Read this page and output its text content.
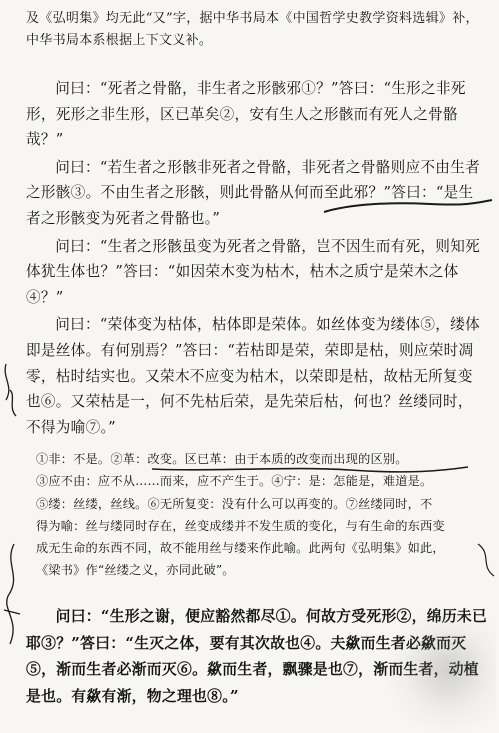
及《弘明集》均无此“又”字，据中华书局本《中国哲学史教学资料选辑》补，

中华书局本系根据上下文义补。

问曰：“死者之骨骼，非生者之形骸邪①？”答曰：“生形之非死形，死形之非生形，区已革矣②，安有生人之形骸而有死人之骨骼哉？”

问曰：“若生者之形骸非死者之骨骼，非死者之骨骼则应不由生者之形骸③。不由生者之形骸，则此骨骼从何而至此邪？”答曰：“是生者之形骸变为死者之骨骼也。”

问曰：“生者之形骸虽变为死者之骨骼，岂不因生而有死，则知死体犹生体也？”答曰：“如因荣木变为枯木，枯木之质宁是荣木之体④？”

问曰：“荣体变为枯体，枯体即是荣体。如丝体变为缕体⑤，缕体即是丝体。有何别焉？”答曰：“若枯即是荣，荣即是枯，则应荣时凋零，枯时结实也。又荣木不应变为枯木，以荣即是枯，故枯无所复变也⑥。又荣枯是一，何不先枯后荣，是先荣后枯，何也？丝缕同时，不得为喻⑦。”

①非：不是。②革：改变。区已革：由于本质的改变而出现的区别。

③应不由：应不从……而来，应不产生于。④宁：是：怎能是，难道是。

⑤缕：丝缕，丝线。⑥无所复变：没有什么可以再变的。⑦丝缕同时，不

得为喻：丝与缕同时存在，丝变成缕并不发生质的变化，与有生命的东西变

成无生命的东西不同，故不能用丝与缕来作此喻。此两句《弘明集》如此，

《梁书》作“丝缕之义，亦同此破”。

问曰：“生形之谢，便应豁然都尽①。何故方受死形②，绵历未已耶③？”答曰：“生灭之体，要有其次故也④。夫歘而生者必歘而灭⑤，渐而生者必渐而灭⑥。歘而生者，飘骤是也⑦，渐而生者，动植是也。有歘有渐，物之理也⑧。”
